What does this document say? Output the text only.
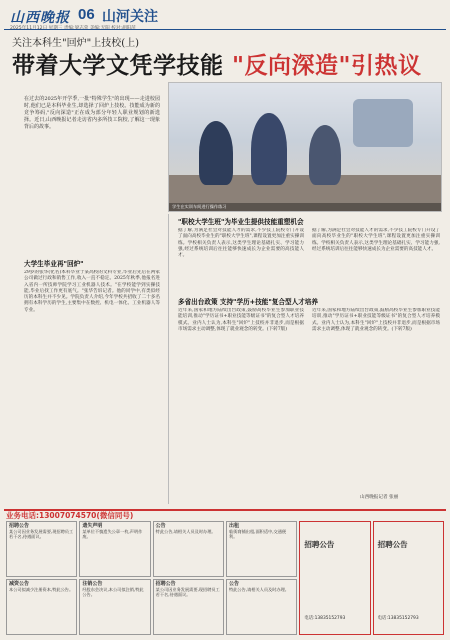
山西晚报 06 山河关注
关注本科生"回炉"上技校(上)
带着大学文凭学技能 "反向深造"引热议
在过去的2025年开学季,一批"特殊学生"的出现——走进校园时,他们已是本科毕业生,却选择了回炉上技校。技能成为新的竞争筹码,"反向深造"正在成为部分年轻人职业规划的新选择。近日,山西晚报记者走访省内多所技工院校,了解这一现象背后的故事。
学生在实训车间进行操作练习
大学生毕业再"回炉"
29岁的张华(化名)本科毕业于某高校的文科专业,毕业后先后在两家公司做过行政和销售工作,收入一直不稳定。2025年秋季,他报名进入省内一所技师学院学习工业机器人技术。"在学校能学到实操技能,毕业后找工作更有底气。"张华告诉记者。他的同学中,有类似经历的本科生并不少见。学院负责人介绍,今年学校共招收了二十多名拥有本科学历的学生,主要集中在数控、机电一体化、工业机器人等专业。
"职校大学生班"为毕业生提供技能重塑机会
据了解,为满足社会对技能人才的需求,不少技工院校专门开设了面向高校毕业生的"职校大学生班",课程设置更加注重实操训练。学校相关负责人表示,这类学生理论基础扎实、学习能力强,经过系统培训后往往能够快速成长为企业需要的高技能人才。
多省出台政策 支持"学历+技能"复合型人才培养
据了解,为满足社会对技能人才的需求,不少技工院校专门开设了面向高校毕业生的"职校大学生班",课程设置更加注重实操训练。学校相关负责人表示,这类学生理论基础扎实、学习能力强,经过系统培训后往往能够快速成长为企业需要的高技能人才。
近年来,国家和地方陆续出台政策,鼓励高校毕业生参加职业技能培训,推动"学历证书+职业技能等级证书"的复合型人才培养模式。业内人士认为,本科生"回炉"上技校并非退步,而是根据市场需求主动调整,体现了就业观念的转变。(下转7版)
近年来,国家和地方陆续出台政策,鼓励高校毕业生参加职业技能培训,推动"学历证书+职业技能等级证书"的复合型人才培养模式。业内人士认为,本科生"回炉"上技校并非退步,而是根据市场需求主动调整,体现了就业观念的转变。(下转7版)
山西晚报记者 张丽
业务电话:13007074570(微信同号)
招聘公告
某公司因业务发展需要,现招聘员工若干名,待遇面议。
遗失声明
某单位不慎遗失公章一枚,声明作废。
公告
特此公告,请相关人员及时办理。
出租
临街商铺出租,面积适中,交通便利。
招聘公告
电话:13835152793
招聘公告
电话:13835152793
减资公告
本公司拟减少注册资本,特此公告。
注销公告
经股东会决议,本公司拟注销,特此公告。
招聘公告
某公司因业务发展需要,现招聘员工若干名,待遇面议。
公告
特此公告,请相关人员及时办理。
